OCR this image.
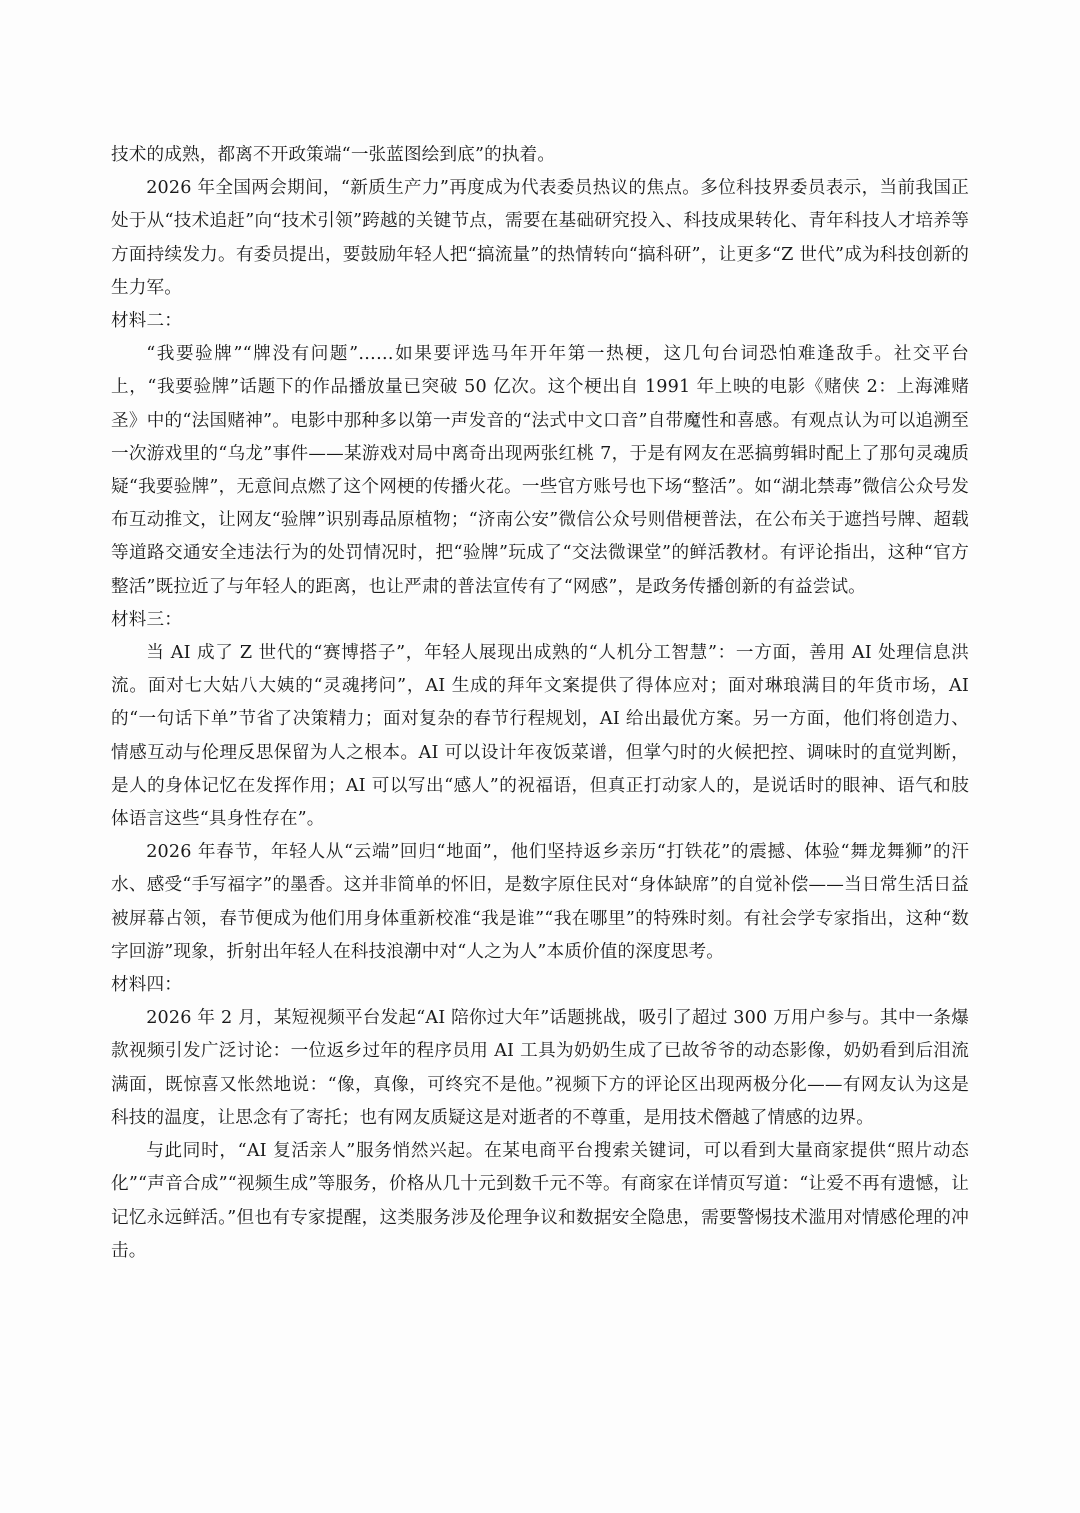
技术的成熟，都离不开政策端“一张蓝图绘到底”的执着。

2026 年全国两会期间，“新质生产力”再度成为代表委员热议的焦点。多位科技界委员表示，当前我国正处于从“技术追赶”向“技术引领”跨越的关键节点，需要在基础研究投入、科技成果转化、青年科技人才培养等方面持续发力。有委员提出，要鼓励年轻人把“搞流量”的热情转向“搞科研”，让更多“Z 世代”成为科技创新的生力军。

材料二：

“我要验牌”“牌没有问题”……如果要评选马年开年第一热梗，这几句台词恐怕难逢敌手。社交平台上，“我要验牌”话题下的作品播放量已突破 50 亿次。这个梗出自 1991 年上映的电影《赌侠 2：上海滩赌圣》中的“法国赌神”。电影中那种多以第一声发音的“法式中文口音”自带魔性和喜感。有观点认为可以追溯至一次游戏里的“乌龙”事件——某游戏对局中离奇出现两张红桃 7，于是有网友在恶搞剪辑时配上了那句灵魂质疑“我要验牌”，无意间点燃了这个网梗的传播火花。一些官方账号也下场“整活”。如“湖北禁毒”微信公众号发布互动推文，让网友“验牌”识别毒品原植物；“济南公安”微信公众号则借梗普法，在公布关于遮挡号牌、超载等道路交通安全违法行为的处罚情况时，把“验牌”玩成了“交法微课堂”的鲜活教材。有评论指出，这种“官方整活”既拉近了与年轻人的距离，也让严肃的普法宣传有了“网感”，是政务传播创新的有益尝试。

材料三：

当 AI 成了 Z 世代的“赛博搭子”，年轻人展现出成熟的“人机分工智慧”：一方面，善用 AI 处理信息洪流。面对七大姑八大姨的“灵魂拷问”，AI 生成的拜年文案提供了得体应对；面对琳琅满目的年货市场，AI 的“一句话下单”节省了决策精力；面对复杂的春节行程规划，AI 给出最优方案。另一方面，他们将创造力、情感互动与伦理反思保留为人之根本。AI 可以设计年夜饭菜谱，但掌勺时的火候把控、调味时的直觉判断，是人的身体记忆在发挥作用；AI 可以写出“感人”的祝福语，但真正打动家人的，是说话时的眼神、语气和肢体语言这些“具身性存在”。

2026 年春节，年轻人从“云端”回归“地面”，他们坚持返乡亲历“打铁花”的震撼、体验“舞龙舞狮”的汗水、感受“手写福字”的墨香。这并非简单的怀旧，是数字原住民对“身体缺席”的自觉补偿——当日常生活日益被屏幕占领，春节便成为他们用身体重新校准“我是谁”“我在哪里”的特殊时刻。有社会学专家指出，这种“数字回游”现象，折射出年轻人在科技浪潮中对“人之为人”本质价值的深度思考。

材料四：

2026 年 2 月，某短视频平台发起“AI 陪你过大年”话题挑战，吸引了超过 300 万用户参与。其中一条爆款视频引发广泛讨论：一位返乡过年的程序员用 AI 工具为奶奶生成了已故爷爷的动态影像，奶奶看到后泪流满面，既惊喜又怅然地说：“像，真像，可终究不是他。”视频下方的评论区出现两极分化——有网友认为这是科技的温度，让思念有了寄托；也有网友质疑这是对逝者的不尊重，是用技术僭越了情感的边界。

与此同时，“AI 复活亲人”服务悄然兴起。在某电商平台搜索关键词，可以看到大量商家提供“照片动态化”“声音合成”“视频生成”等服务，价格从几十元到数千元不等。有商家在详情页写道：“让爱不再有遗憾，让记忆永远鲜活。”但也有专家提醒，这类服务涉及伦理争议和数据安全隐患，需要警惕技术滥用对情感伦理的冲击。
